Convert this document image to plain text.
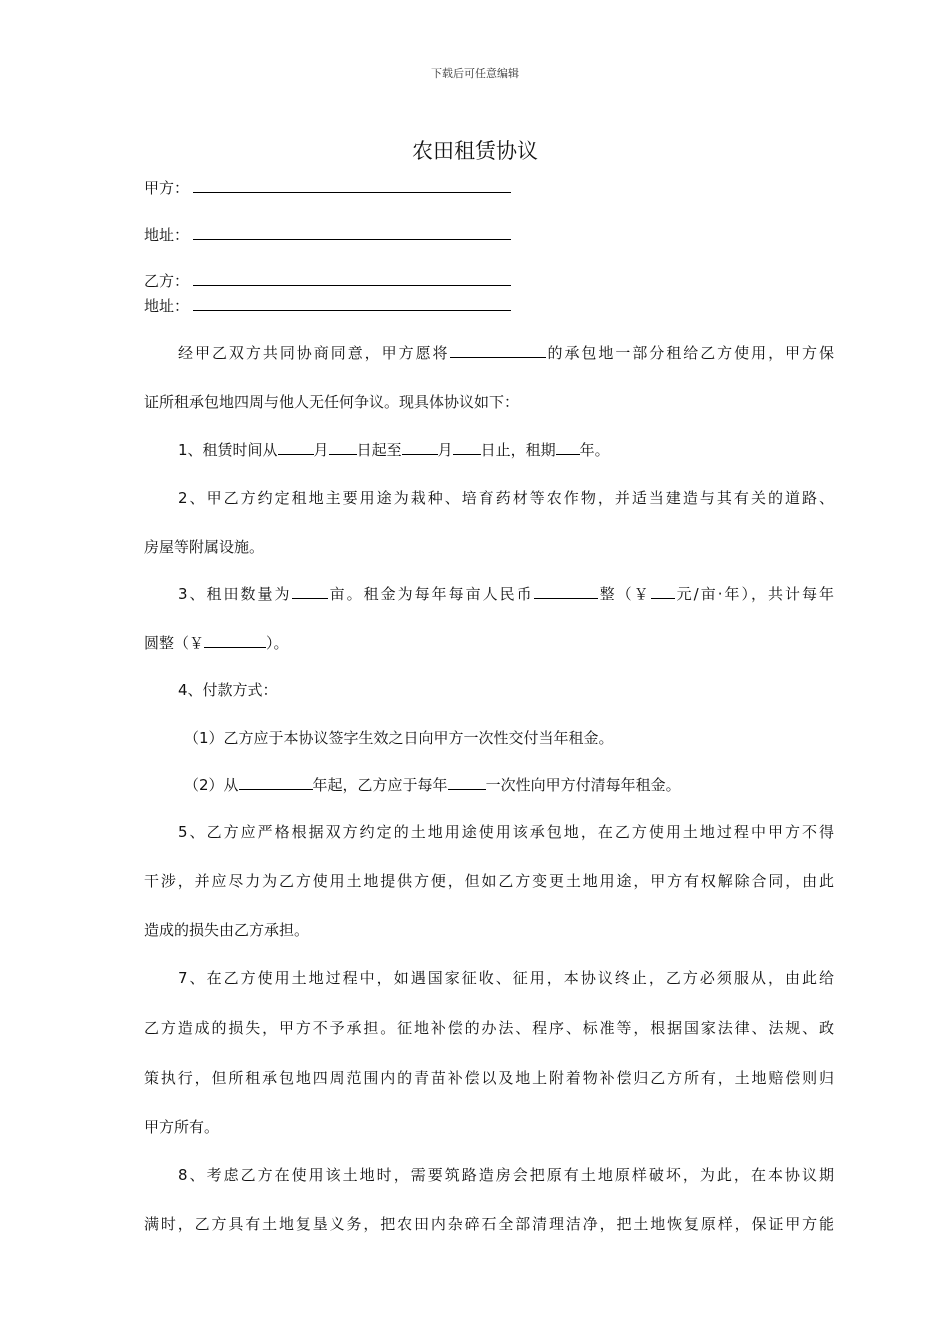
下载后可任意编辑
农田租赁协议
甲方：
地址：
乙方：
地址：
经甲乙双方共同协商同意，甲方愿将	的承包地一部分租给乙方使用，甲方保
证所租承包地四周与他人无任何争议。现具体协议如下：
1、租赁时间从 月 日起至 月 日止，租期 年。
2、甲乙方约定租地主要用途为栽种、培育药材等农作物，并适当建造与其有关的道路、
房屋等附属设施。
3、租田数量为 亩。租金为每年每亩人民币	整（￥ 元/亩·年），共计每年
圆整（￥	）。
4、付款方式：
（1）乙方应于本协议签字生效之日向甲方一次性交付当年租金。
（2）从	年起，乙方应于每年	一次性向甲方付清每年租金。
5、乙方应严格根据双方约定的土地用途使用该承包地，在乙方使用土地过程中甲方不得
干涉，并应尽力为乙方使用土地提供方便，但如乙方变更土地用途，甲方有权解除合同，由此
造成的损失由乙方承担。
7、在乙方使用土地过程中，如遇国家征收、征用，本协议终止，乙方必须服从，由此给
乙方造成的损失，甲方不予承担。征地补偿的办法、程序、标准等，根据国家法律、法规、政
策执行，但所租承包地四周范围内的青苗补偿以及地上附着物补偿归乙方所有，土地赔偿则归
甲方所有。
8、考虑乙方在使用该土地时，需要筑路造房会把原有土地原样破坏，为此，在本协议期
满时，乙方具有土地复垦义务，把农田内杂碎石全部清理洁净，把土地恢复原样，保证甲方能
